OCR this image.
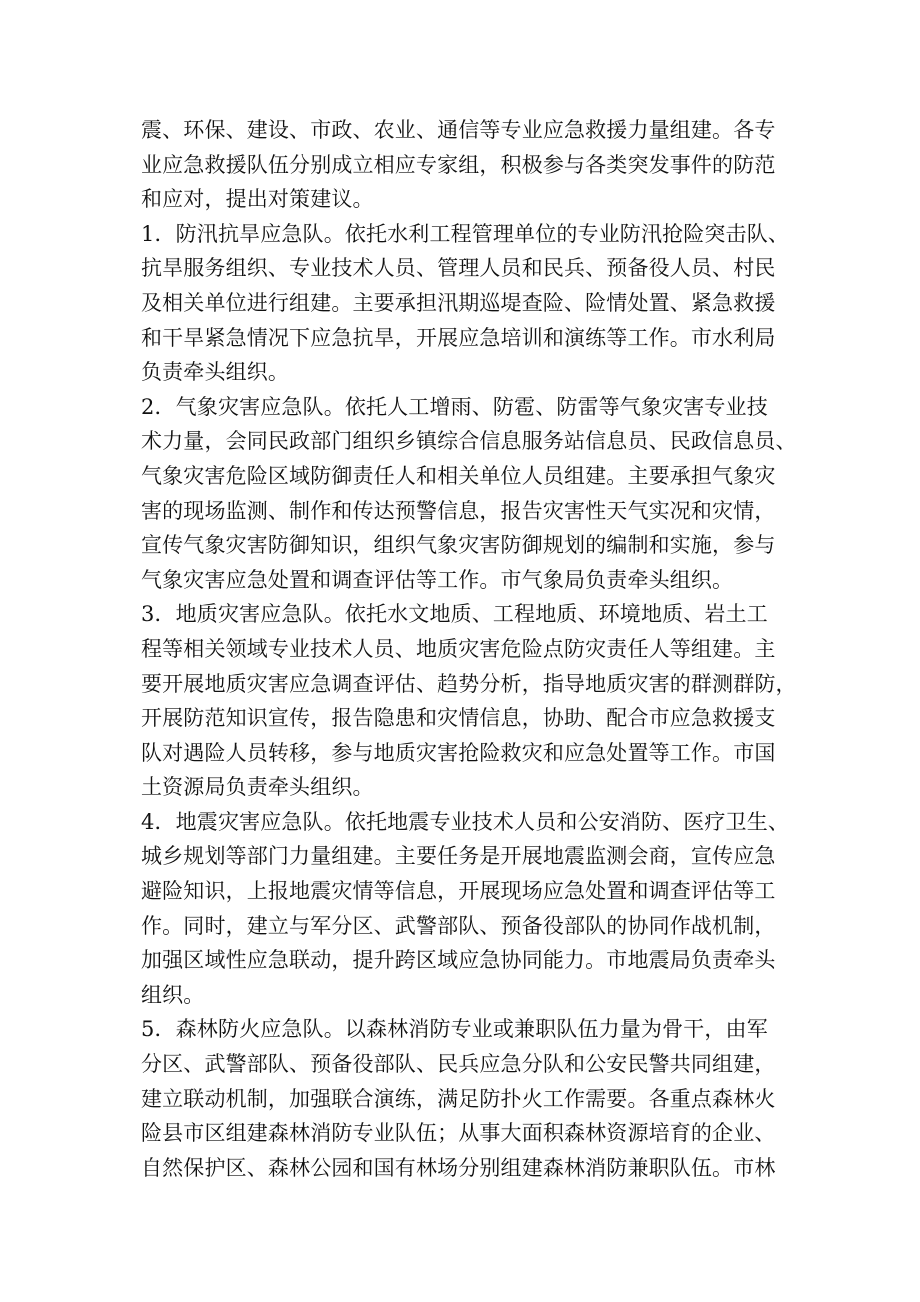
震、环保、建设、市政、农业、通信等专业应急救援力量组建。各专
业应急救援队伍分别成立相应专家组，积极参与各类突发事件的防范
和应对，提出对策建议。
1．防汛抗旱应急队。依托水利工程管理单位的专业防汛抢险突击队、
抗旱服务组织、专业技术人员、管理人员和民兵、预备役人员、村民
及相关单位进行组建。主要承担汛期巡堤查险、险情处置、紧急救援
和干旱紧急情况下应急抗旱，开展应急培训和演练等工作。市水利局
负责牵头组织。
2．气象灾害应急队。依托人工增雨、防雹、防雷等气象灾害专业技
术力量，会同民政部门组织乡镇综合信息服务站信息员、民政信息员、
气象灾害危险区域防御责任人和相关单位人员组建。主要承担气象灾
害的现场监测、制作和传达预警信息，报告灾害性天气实况和灾情，
宣传气象灾害防御知识，组织气象灾害防御规划的编制和实施，参与
气象灾害应急处置和调查评估等工作。市气象局负责牵头组织。
3．地质灾害应急队。依托水文地质、工程地质、环境地质、岩土工
程等相关领域专业技术人员、地质灾害危险点防灾责任人等组建。主
要开展地质灾害应急调查评估、趋势分析，指导地质灾害的群测群防，
开展防范知识宣传，报告隐患和灾情信息，协助、配合市应急救援支
队对遇险人员转移，参与地质灾害抢险救灾和应急处置等工作。市国
土资源局负责牵头组织。
4．地震灾害应急队。依托地震专业技术人员和公安消防、医疗卫生、
城乡规划等部门力量组建。主要任务是开展地震监测会商，宣传应急
避险知识，上报地震灾情等信息，开展现场应急处置和调查评估等工
作。同时，建立与军分区、武警部队、预备役部队的协同作战机制，
加强区域性应急联动，提升跨区域应急协同能力。市地震局负责牵头
组织。
5．森林防火应急队。以森林消防专业或兼职队伍力量为骨干，由军
分区、武警部队、预备役部队、民兵应急分队和公安民警共同组建，
建立联动机制，加强联合演练，满足防扑火工作需要。各重点森林火
险县市区组建森林消防专业队伍；从事大面积森林资源培育的企业、
自然保护区、森林公园和国有林场分别组建森林消防兼职队伍。市林
